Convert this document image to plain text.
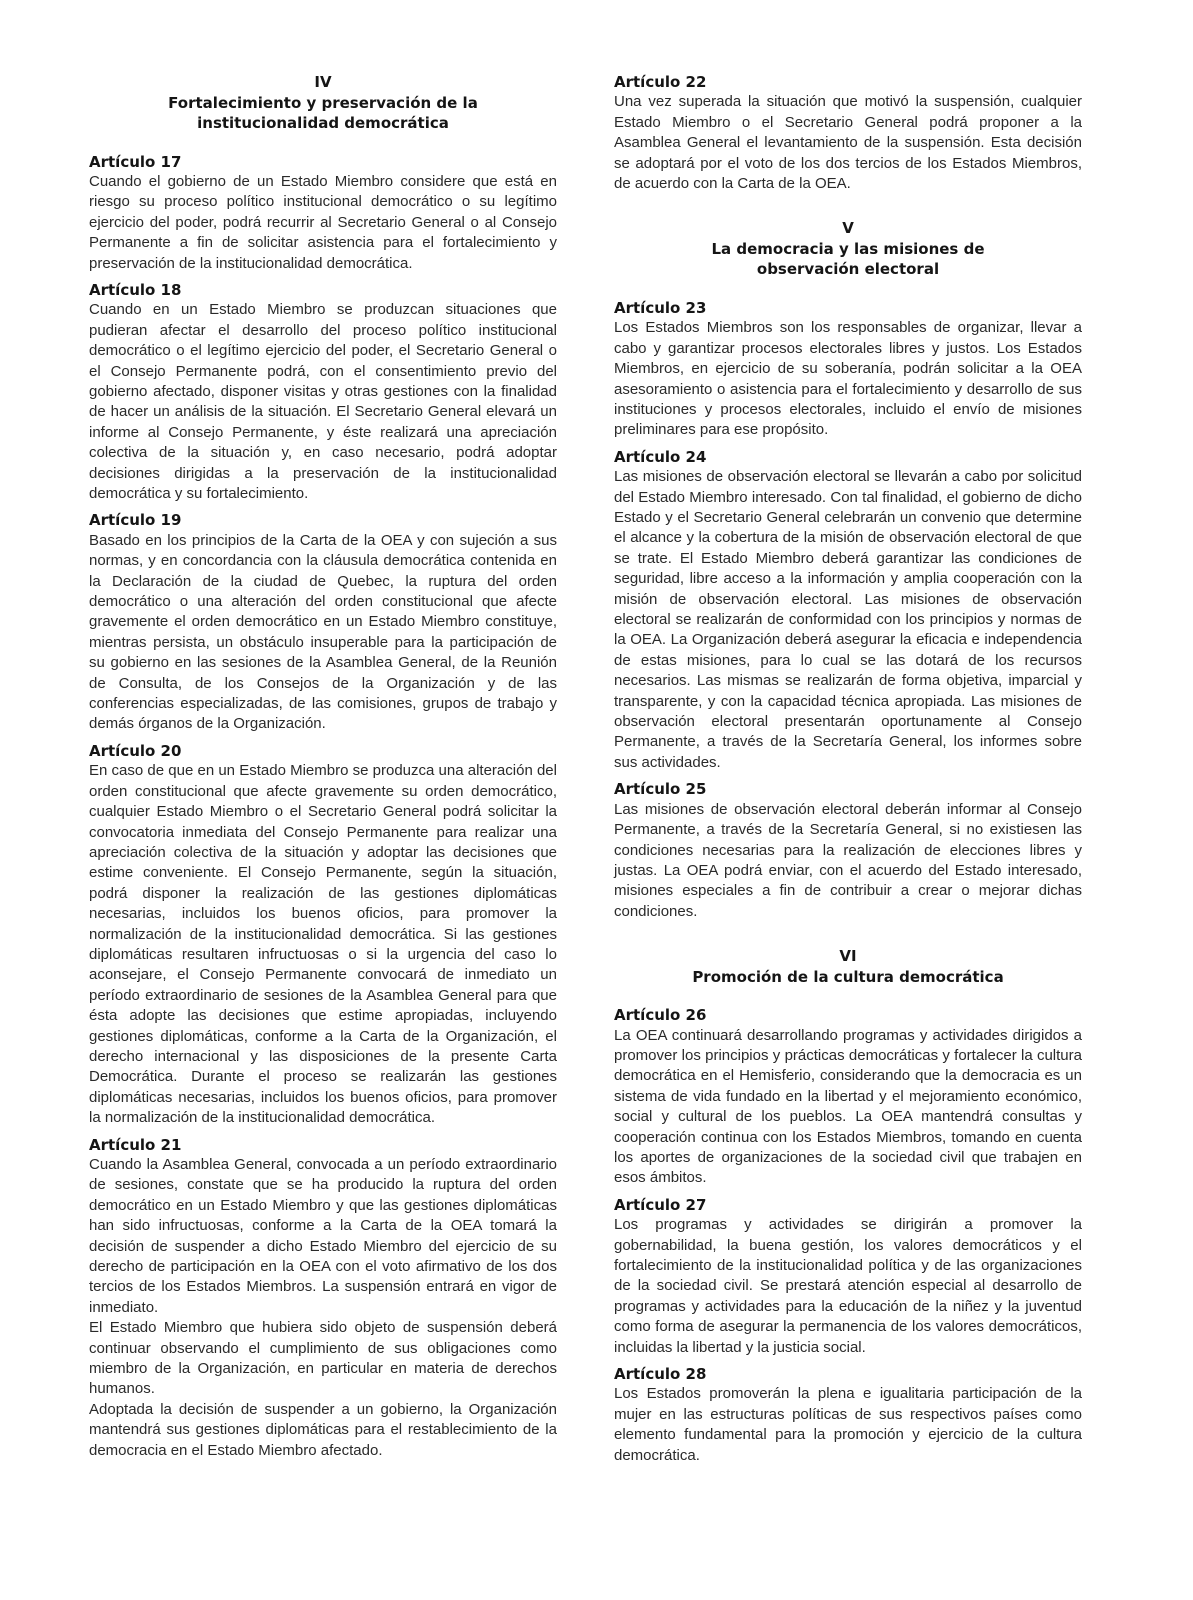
IV
Fortalecimiento y preservación de la institucionalidad democrática
Artículo 17
Cuando el gobierno de un Estado Miembro considere que está en riesgo su proceso político institucional democrático o su legítimo ejercicio del poder, podrá recurrir al Secretario General o al Consejo Permanente a fin de solicitar asistencia para el fortalecimiento y preservación de la institucionalidad democrática.
Artículo 18
Cuando en un Estado Miembro se produzcan situaciones que pudieran afectar el desarrollo del proceso político institucional democrático o el legítimo ejercicio del poder, el Secretario General o el Consejo Permanente podrá, con el consentimiento previo del gobierno afectado, disponer visitas y otras gestiones con la finalidad de hacer un análisis de la situación. El Secretario General elevará un informe al Consejo Permanente, y éste realizará una apreciación colectiva de la situación y, en caso necesario, podrá adoptar decisiones dirigidas a la preservación de la institucionalidad democrática y su fortalecimiento.
Artículo 19
Basado en los principios de la Carta de la OEA y con sujeción a sus normas, y en concordancia con la cláusula democrática contenida en la Declaración de la ciudad de Quebec, la ruptura del orden democrático o una alteración del orden constitucional que afecte gravemente el orden democrático en un Estado Miembro constituye, mientras persista, un obstáculo insuperable para la participación de su gobierno en las sesiones de la Asamblea General, de la Reunión de Consulta, de los Consejos de la Organización y de las conferencias especializadas, de las comisiones, grupos de trabajo y demás órganos de la Organización.
Artículo 20
En caso de que en un Estado Miembro se produzca una alteración del orden constitucional que afecte gravemente su orden democrático, cualquier Estado Miembro o el Secretario General podrá solicitar la convocatoria inmediata del Consejo Permanente para realizar una apreciación colectiva de la situación y adoptar las decisiones que estime conveniente. El Consejo Permanente, según la situación, podrá disponer la realización de las gestiones diplomáticas necesarias, incluidos los buenos oficios, para promover la normalización de la institucionalidad democrática. Si las gestiones diplomáticas resultaren infructuosas o si la urgencia del caso lo aconsejare, el Consejo Permanente convocará de inmediato un período extraordinario de sesiones de la Asamblea General para que ésta adopte las decisiones que estime apropiadas, incluyendo gestiones diplomáticas, conforme a la Carta de la Organización, el derecho internacional y las disposiciones de la presente Carta Democrática. Durante el proceso se realizarán las gestiones diplomáticas necesarias, incluidos los buenos oficios, para promover la normalización de la institucionalidad democrática.
Artículo 21
Cuando la Asamblea General, convocada a un período extraordinario de sesiones, constate que se ha producido la ruptura del orden democrático en un Estado Miembro y que las gestiones diplomáticas han sido infructuosas, conforme a la Carta de la OEA tomará la decisión de suspender a dicho Estado Miembro del ejercicio de su derecho de participación en la OEA con el voto afirmativo de los dos tercios de los Estados Miembros. La suspensión entrará en vigor de inmediato.
El Estado Miembro que hubiera sido objeto de suspensión deberá continuar observando el cumplimiento de sus obligaciones como miembro de la Organización, en particular en materia de derechos humanos.
Adoptada la decisión de suspender a un gobierno, la Organización mantendrá sus gestiones diplomáticas para el restablecimiento de la democracia en el Estado Miembro afectado.
Artículo 22
Una vez superada la situación que motivó la suspensión, cualquier Estado Miembro o el Secretario General podrá proponer a la Asamblea General el levantamiento de la suspensión. Esta decisión se adoptará por el voto de los dos tercios de los Estados Miembros, de acuerdo con la Carta de la OEA.
V
La democracia y las misiones de
observación electoral
Artículo 23
Los Estados Miembros son los responsables de organizar, llevar a cabo y garantizar procesos electorales libres y justos. Los Estados Miembros, en ejercicio de su soberanía, podrán solicitar a la OEA asesoramiento o asistencia para el fortalecimiento y desarrollo de sus instituciones y procesos electorales, incluido el envío de misiones preliminares para ese propósito.
Artículo 24
Las misiones de observación electoral se llevarán a cabo por solicitud del Estado Miembro interesado. Con tal finalidad, el gobierno de dicho Estado y el Secretario General celebrarán un convenio que determine el alcance y la cobertura de la misión de observación electoral de que se trate. El Estado Miembro deberá garantizar las condiciones de seguridad, libre acceso a la información y amplia cooperación con la misión de observación electoral. Las misiones de observación electoral se realizarán de conformidad con los principios y normas de la OEA. La Organización deberá asegurar la eficacia e independencia de estas misiones, para lo cual se las dotará de los recursos necesarios. Las mismas se realizarán de forma objetiva, imparcial y transparente, y con la capacidad técnica apropiada. Las misiones de observación electoral presentarán oportunamente al Consejo Permanente, a través de la Secretaría General, los informes sobre sus actividades.
Artículo 25
Las misiones de observación electoral deberán informar al Consejo Permanente, a través de la Secretaría General, si no existiesen las condiciones necesarias para la realización de elecciones libres y justas. La OEA podrá enviar, con el acuerdo del Estado interesado, misiones especiales a fin de contribuir a crear o mejorar dichas condiciones.
VI
Promoción de la cultura democrática
Artículo 26
La OEA continuará desarrollando programas y actividades dirigidos a promover los principios y prácticas democráticas y fortalecer la cultura democrática en el Hemisferio, considerando que la democracia es un sistema de vida fundado en la libertad y el mejoramiento económico, social y cultural de los pueblos. La OEA mantendrá consultas y cooperación continua con los Estados Miembros, tomando en cuenta los aportes de organizaciones de la sociedad civil que trabajen en esos ámbitos.
Artículo 27
Los programas y actividades se dirigirán a promover la gobernabilidad, la buena gestión, los valores democráticos y el fortalecimiento de la institucionalidad política y de las organizaciones de la sociedad civil. Se prestará atención especial al desarrollo de programas y actividades para la educación de la niñez y la juventud como forma de asegurar la permanencia de los valores democráticos, incluidas la libertad y la justicia social.
Artículo 28
Los Estados promoverán la plena e igualitaria participación de la mujer en las estructuras políticas de sus respectivos países como elemento fundamental para la promoción y ejercicio de la cultura democrática.
